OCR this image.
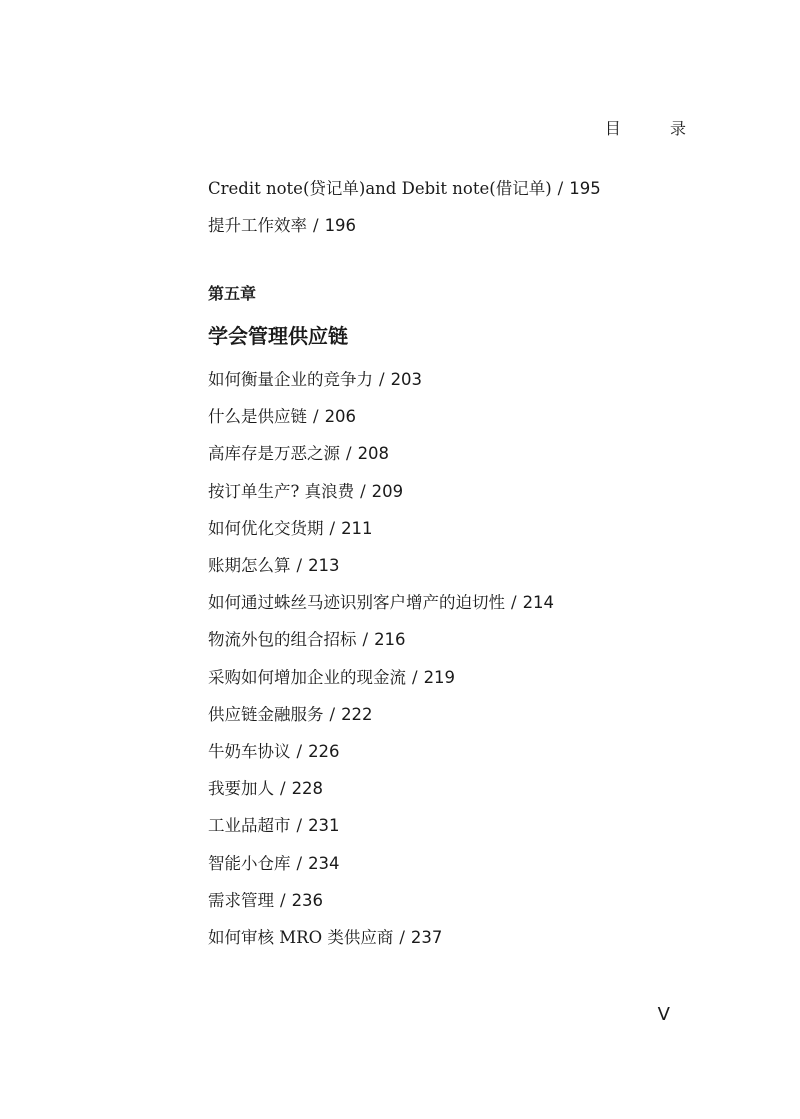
目 录
Credit note(贷记单)and Debit note(借记单) / 195
提升工作效率 / 196
第五章
学会管理供应链
如何衡量企业的竞争力 / 203
什么是供应链 / 206
高库存是万恶之源 / 208
按订单生产? 真浪费 / 209
如何优化交货期 / 211
账期怎么算 / 213
如何通过蛛丝马迹识别客户增产的迫切性 / 214
物流外包的组合招标 / 216
采购如何增加企业的现金流 / 219
供应链金融服务 / 222
牛奶车协议 / 226
我要加人 / 228
工业品超市 / 231
智能小仓库 / 234
需求管理 / 236
如何审核 MRO 类供应商 / 237
V
